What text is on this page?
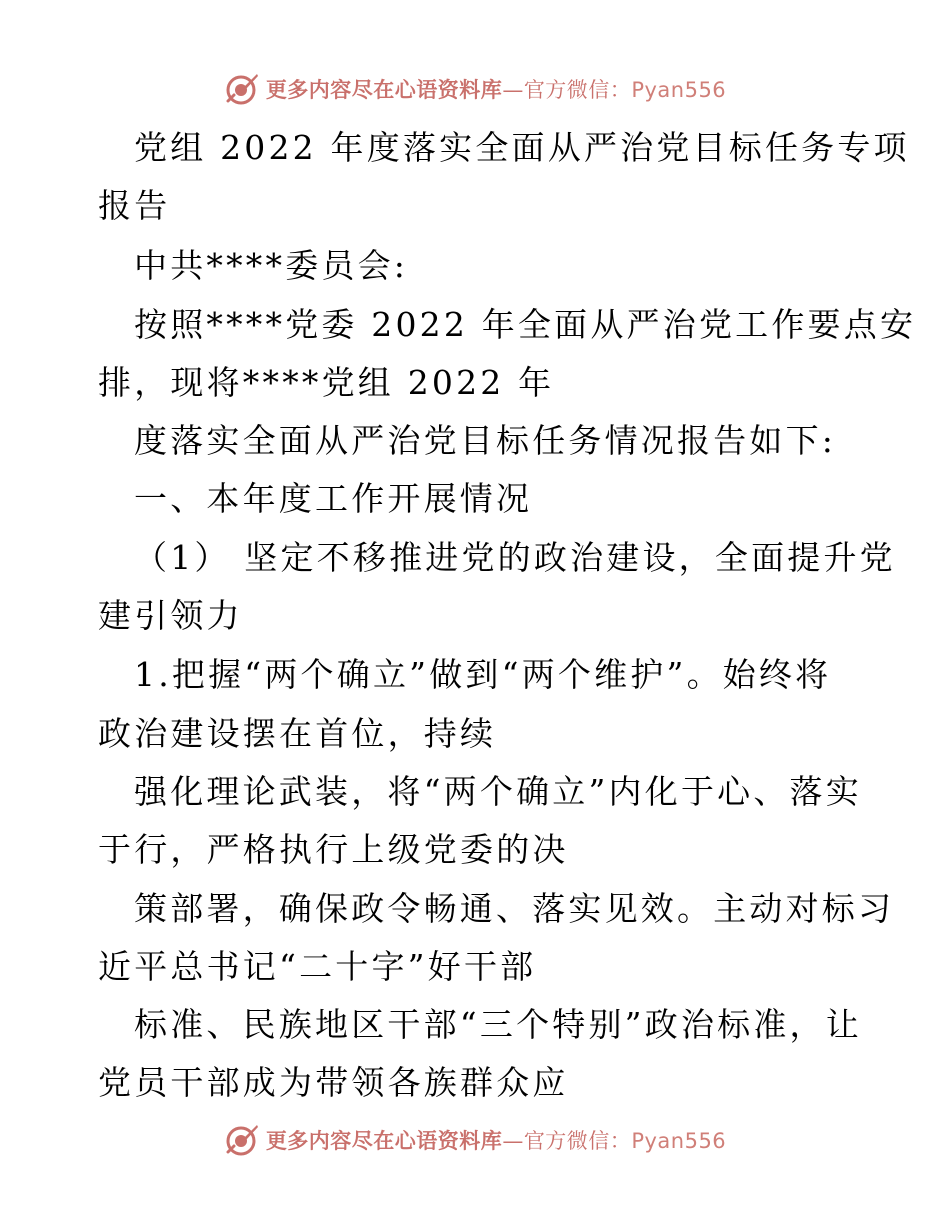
更多内容尽在心语资料库—官方微信：Pyan556
党组 2022 年度落实全面从严治党目标任务专项
报告
中共****委员会:
按照****党委 2022 年全面从严治党工作要点安
排，现将****党组 2022 年
度落实全面从严治党目标任务情况报告如下:
一、本年度工作开展情况
（1） 坚定不移推进党的政治建设，全面提升党
建引领力
1.把握“两个确立”做到“两个维护”。始终将
政治建设摆在首位，持续
强化理论武装，将“两个确立”内化于心、落实
于行，严格执行上级党委的决
策部署，确保政令畅通、落实见效。主动对标习
近平总书记“二十字”好干部
标准、民族地区干部“三个特别”政治标准，让
党员干部成为带领各族群众应
更多内容尽在心语资料库—官方微信：Pyan556
